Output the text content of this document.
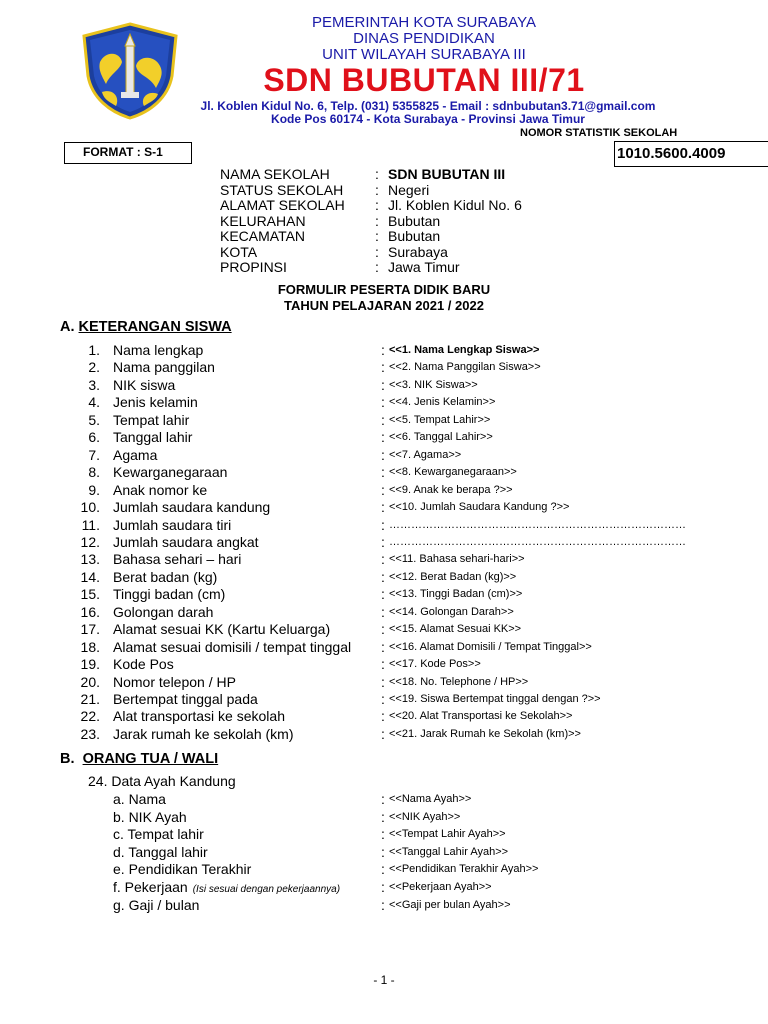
PEMERINTAH KOTA SURABAYA
DINAS PENDIDIKAN
UNIT WILAYAH SURABAYA III
SDN BUBUTAN III/71
Jl. Koblen Kidul No. 6, Telp. (031) 5355825 - Email : sdnbubutan3.71@gmail.com
Kode Pos 60174 - Kota Surabaya - Provinsi Jawa Timur
NOMOR STATISTIK SEKOLAH
FORMAT : S-1	1010.5600.4009
NAMA SEKOLAH	: SDN BUBUTAN III
STATUS SEKOLAH	: Negeri
ALAMAT SEKOLAH	: Jl. Koblen Kidul No. 6
KELURAHAN	: Bubutan
KECAMATAN	: Bubutan
KOTA	: Surabaya
PROPINSI	: Jawa Timur
FORMULIR PESERTA DIDIK BARU
TAHUN PELAJARAN 2021 / 2022
A. KETERANGAN SISWA
1. Nama lengkap	: <<1. Nama Lengkap Siswa>>
2. Nama panggilan	: <<2. Nama Panggilan Siswa>>
3. NIK siswa	: <<3. NIK Siswa>>
4. Jenis kelamin	: <<4. Jenis Kelamin>>
5. Tempat lahir	: <<5. Tempat Lahir>>
6. Tanggal lahir	: <<6. Tanggal Lahir>>
7. Agama	: <<7. Agama>>
8. Kewarganegaraan	: <<8. Kewarganegaraan>>
9. Anak nomor ke	: <<9. Anak ke berapa ?>>
10. Jumlah saudara kandung	: <<10. Jumlah Saudara Kandung ?>>
11. Jumlah saudara tiri	: ………………………………………………………………………
12. Jumlah saudara angkat	: ………………………………………………………………………
13. Bahasa sehari – hari	: <<11. Bahasa sehari-hari>>
14. Berat badan (kg)	: <<12. Berat Badan (kg)>>
15. Tinggi badan (cm)	: <<13. Tinggi Badan (cm)>>
16. Golongan darah	: <<14. Golongan Darah>>
17. Alamat sesuai KK (Kartu Keluarga)	: <<15. Alamat Sesuai KK>>
18. Alamat sesuai domisili / tempat tinggal : <<16. Alamat Domisili / Tempat Tinggal>>
19. Kode Pos	: <<17. Kode Pos>>
20. Nomor telepon / HP	: <<18. No. Telephone / HP>>
21. Bertempat tinggal pada	: <<19. Siswa Bertempat tinggal dengan ?>>
22. Alat transportasi ke sekolah	: <<20. Alat Transportasi ke Sekolah>>
23. Jarak rumah ke sekolah (km)	: <<21. Jarak Rumah ke Sekolah (km)>>
B. ORANG TUA / WALI
24. Data Ayah Kandung
a. Nama	: <<Nama Ayah>>
b. NIK Ayah	: <<NIK Ayah>>
c. Tempat lahir	: <<Tempat Lahir Ayah>>
d. Tanggal lahir	: <<Tanggal Lahir Ayah>>
e. Pendidikan Terakhir	: <<Pendidikan Terakhir Ayah>>
f. Pekerjaan (Isi sesuai dengan pekerjaannya)	: <<Pekerjaan Ayah>>
g. Gaji / bulan	: <<Gaji per bulan Ayah>>
- 1 -
